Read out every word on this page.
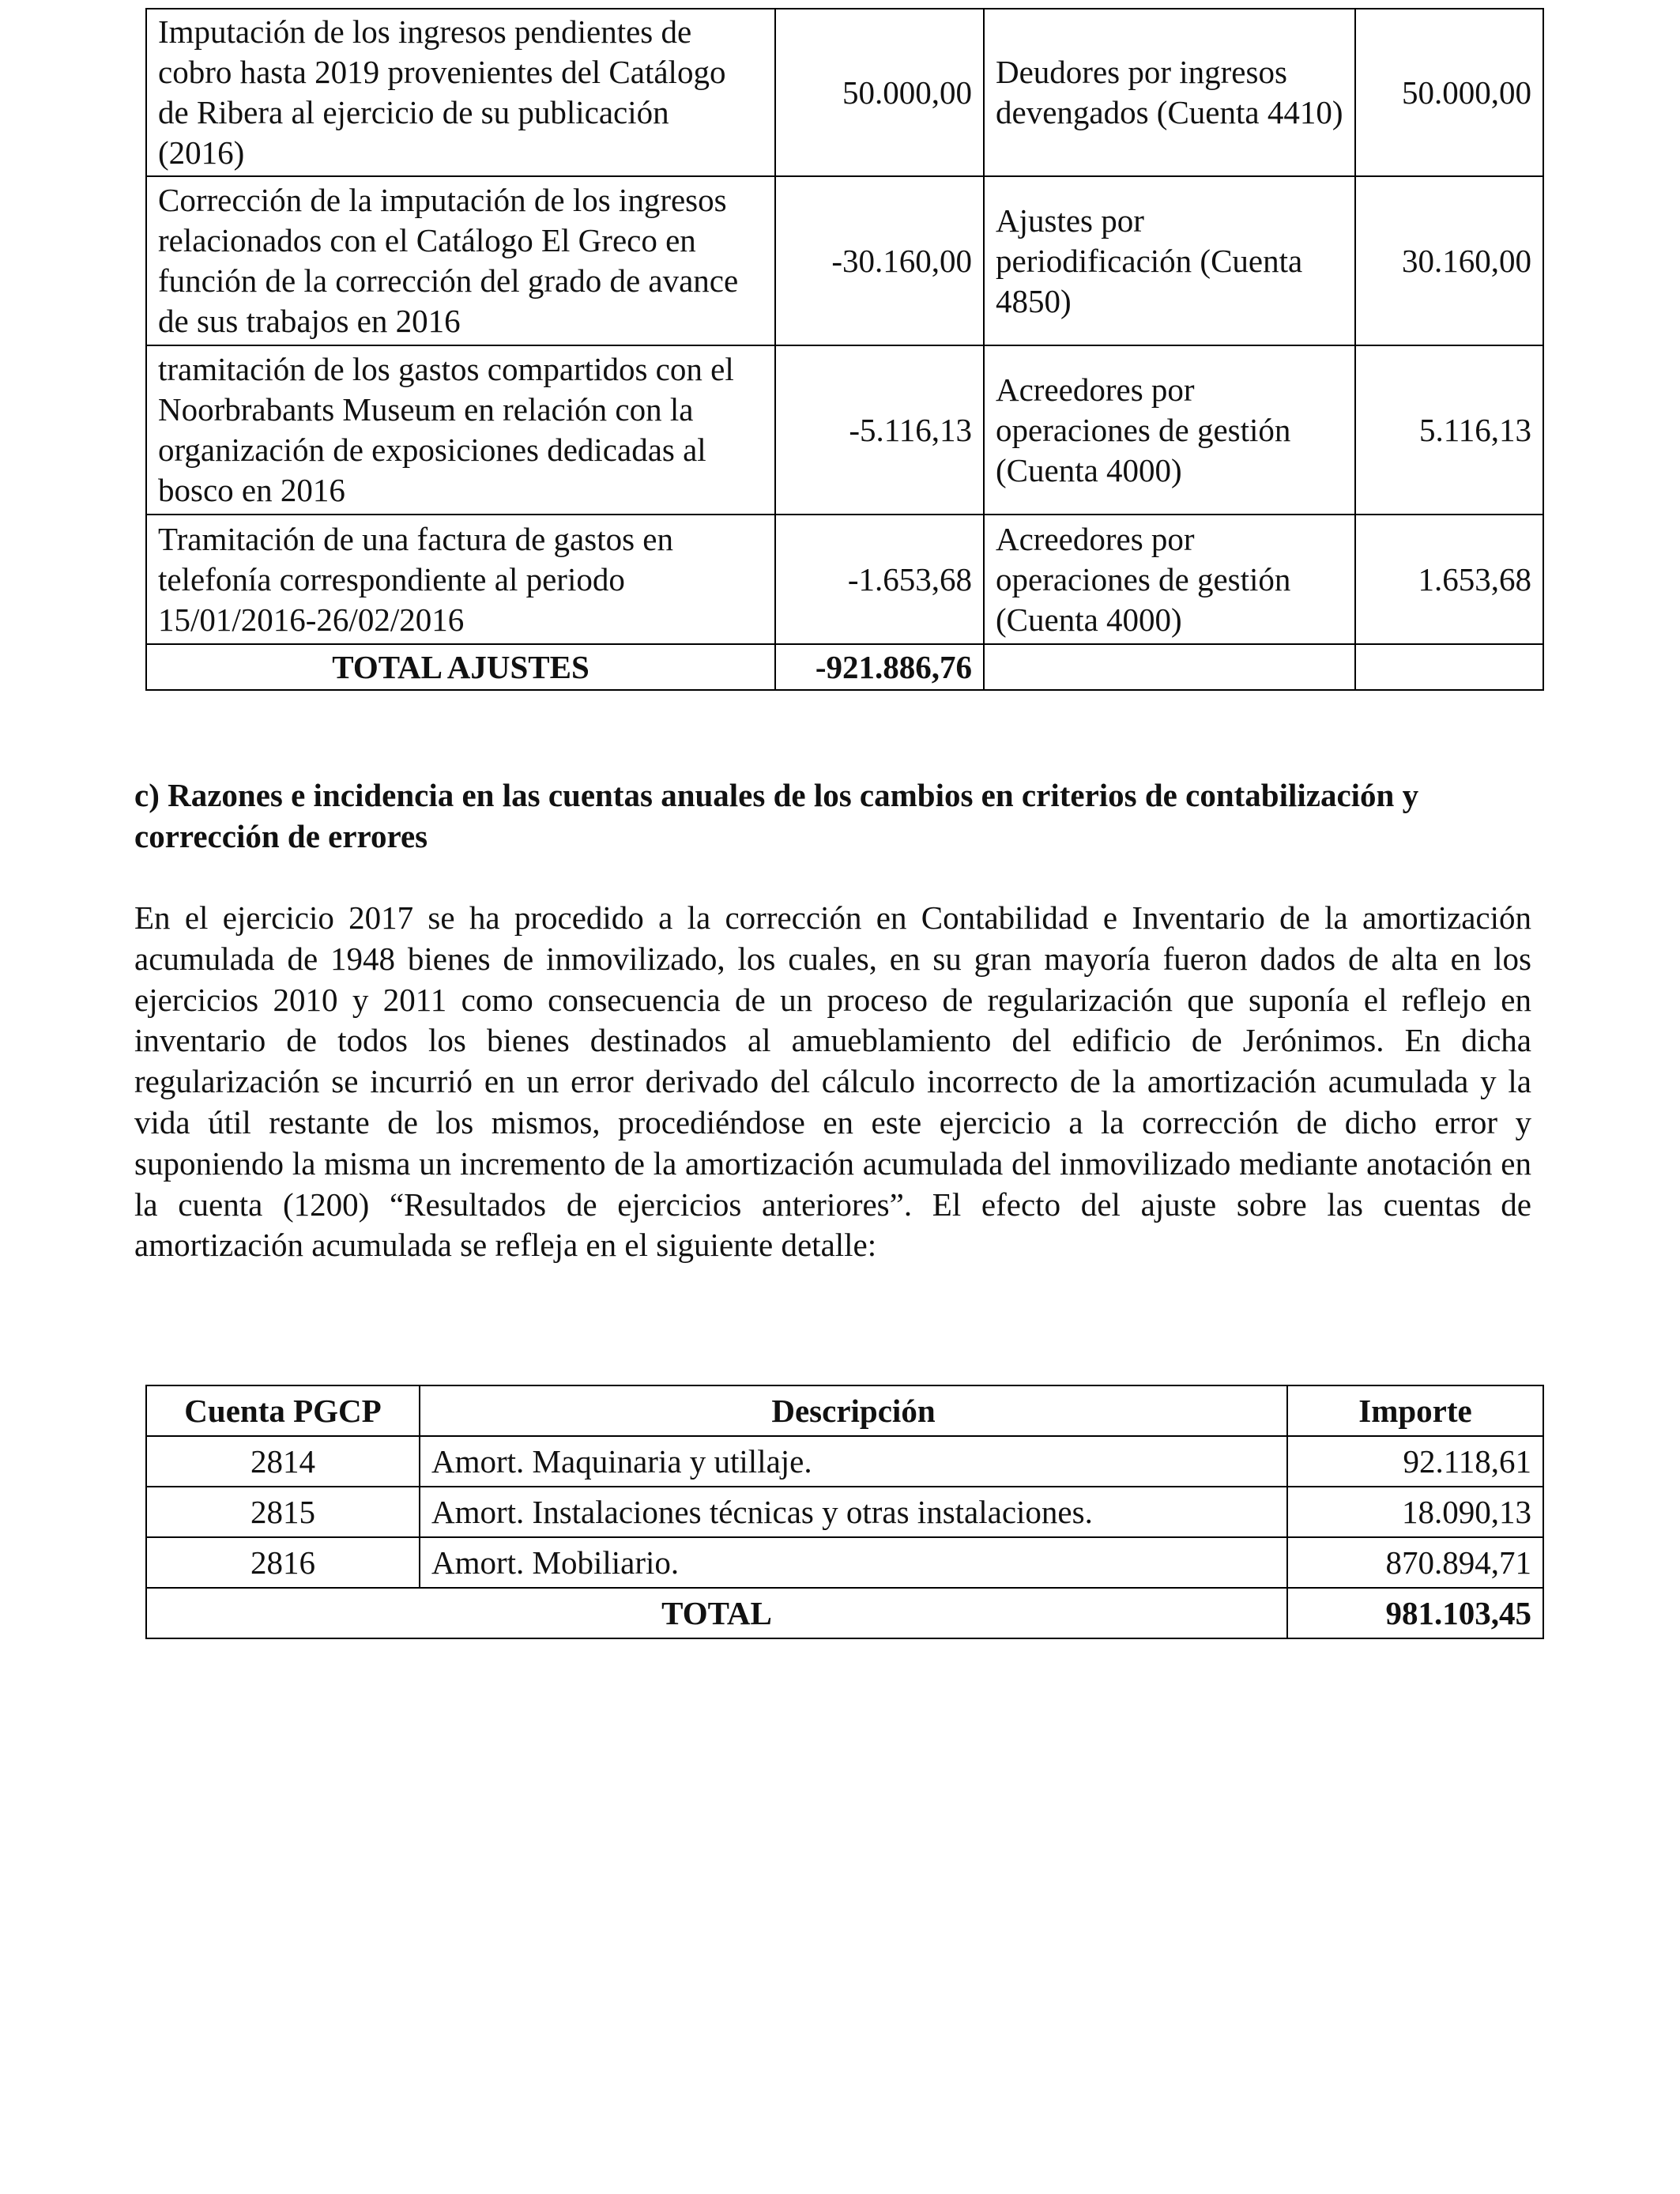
Imputación de los ingresos pendientes de cobro hasta 2019 provenientes del Catálogo de Ribera al ejercicio de su publicación (2016)	50.000,00	Deudores por ingresos devengados (Cuenta 4410)	50.000,00
Corrección de la imputación de los ingresos relacionados con el Catálogo El Greco en función de la corrección del grado de avance de sus trabajos en 2016	-30.160,00	Ajustes por periodificación (Cuenta 4850)	30.160,00
tramitación de los gastos compartidos con el Noorbrabants Museum en relación con la organización de exposiciones dedicadas al bosco en 2016	-5.116,13	Acreedores por operaciones de gestión (Cuenta 4000)	5.116,13
Tramitación de una factura de gastos en telefonía correspondiente al periodo 15/01/2016-26/02/2016	-1.653,68	Acreedores por operaciones de gestión (Cuenta 4000)	1.653,68
TOTAL AJUSTES	-921.886,76		

c) Razones e incidencia en las cuentas anuales de los cambios en criterios de contabilización y corrección de errores

En el ejercicio 2017 se ha procedido a la corrección en Contabilidad e Inventario de la amortización acumulada de 1948 bienes de inmovilizado, los cuales, en su gran mayoría fueron dados de alta en los ejercicios 2010 y 2011 como consecuencia de un proceso de regularización que suponía el reflejo en inventario de todos los bienes destinados al amueblamiento del edificio de Jerónimos. En dicha regularización se incurrió en un error derivado del cálculo incorrecto de la amortización acumulada y la vida útil restante de los mismos, procediéndose en este ejercicio a la corrección de dicho error y suponiendo la misma un incremento de la amortización acumulada del inmovilizado mediante anotación en la cuenta (1200) “Resultados de ejercicios anteriores”. El efecto del ajuste sobre las cuentas de amortización acumulada se refleja en el siguiente detalle:

Cuenta PGCP	Descripción	Importe
2814	Amort. Maquinaria y utillaje.	92.118,61
2815	Amort. Instalaciones técnicas y otras instalaciones.	18.090,13
2816	Amort. Mobiliario.	870.894,71
TOTAL		981.103,45
